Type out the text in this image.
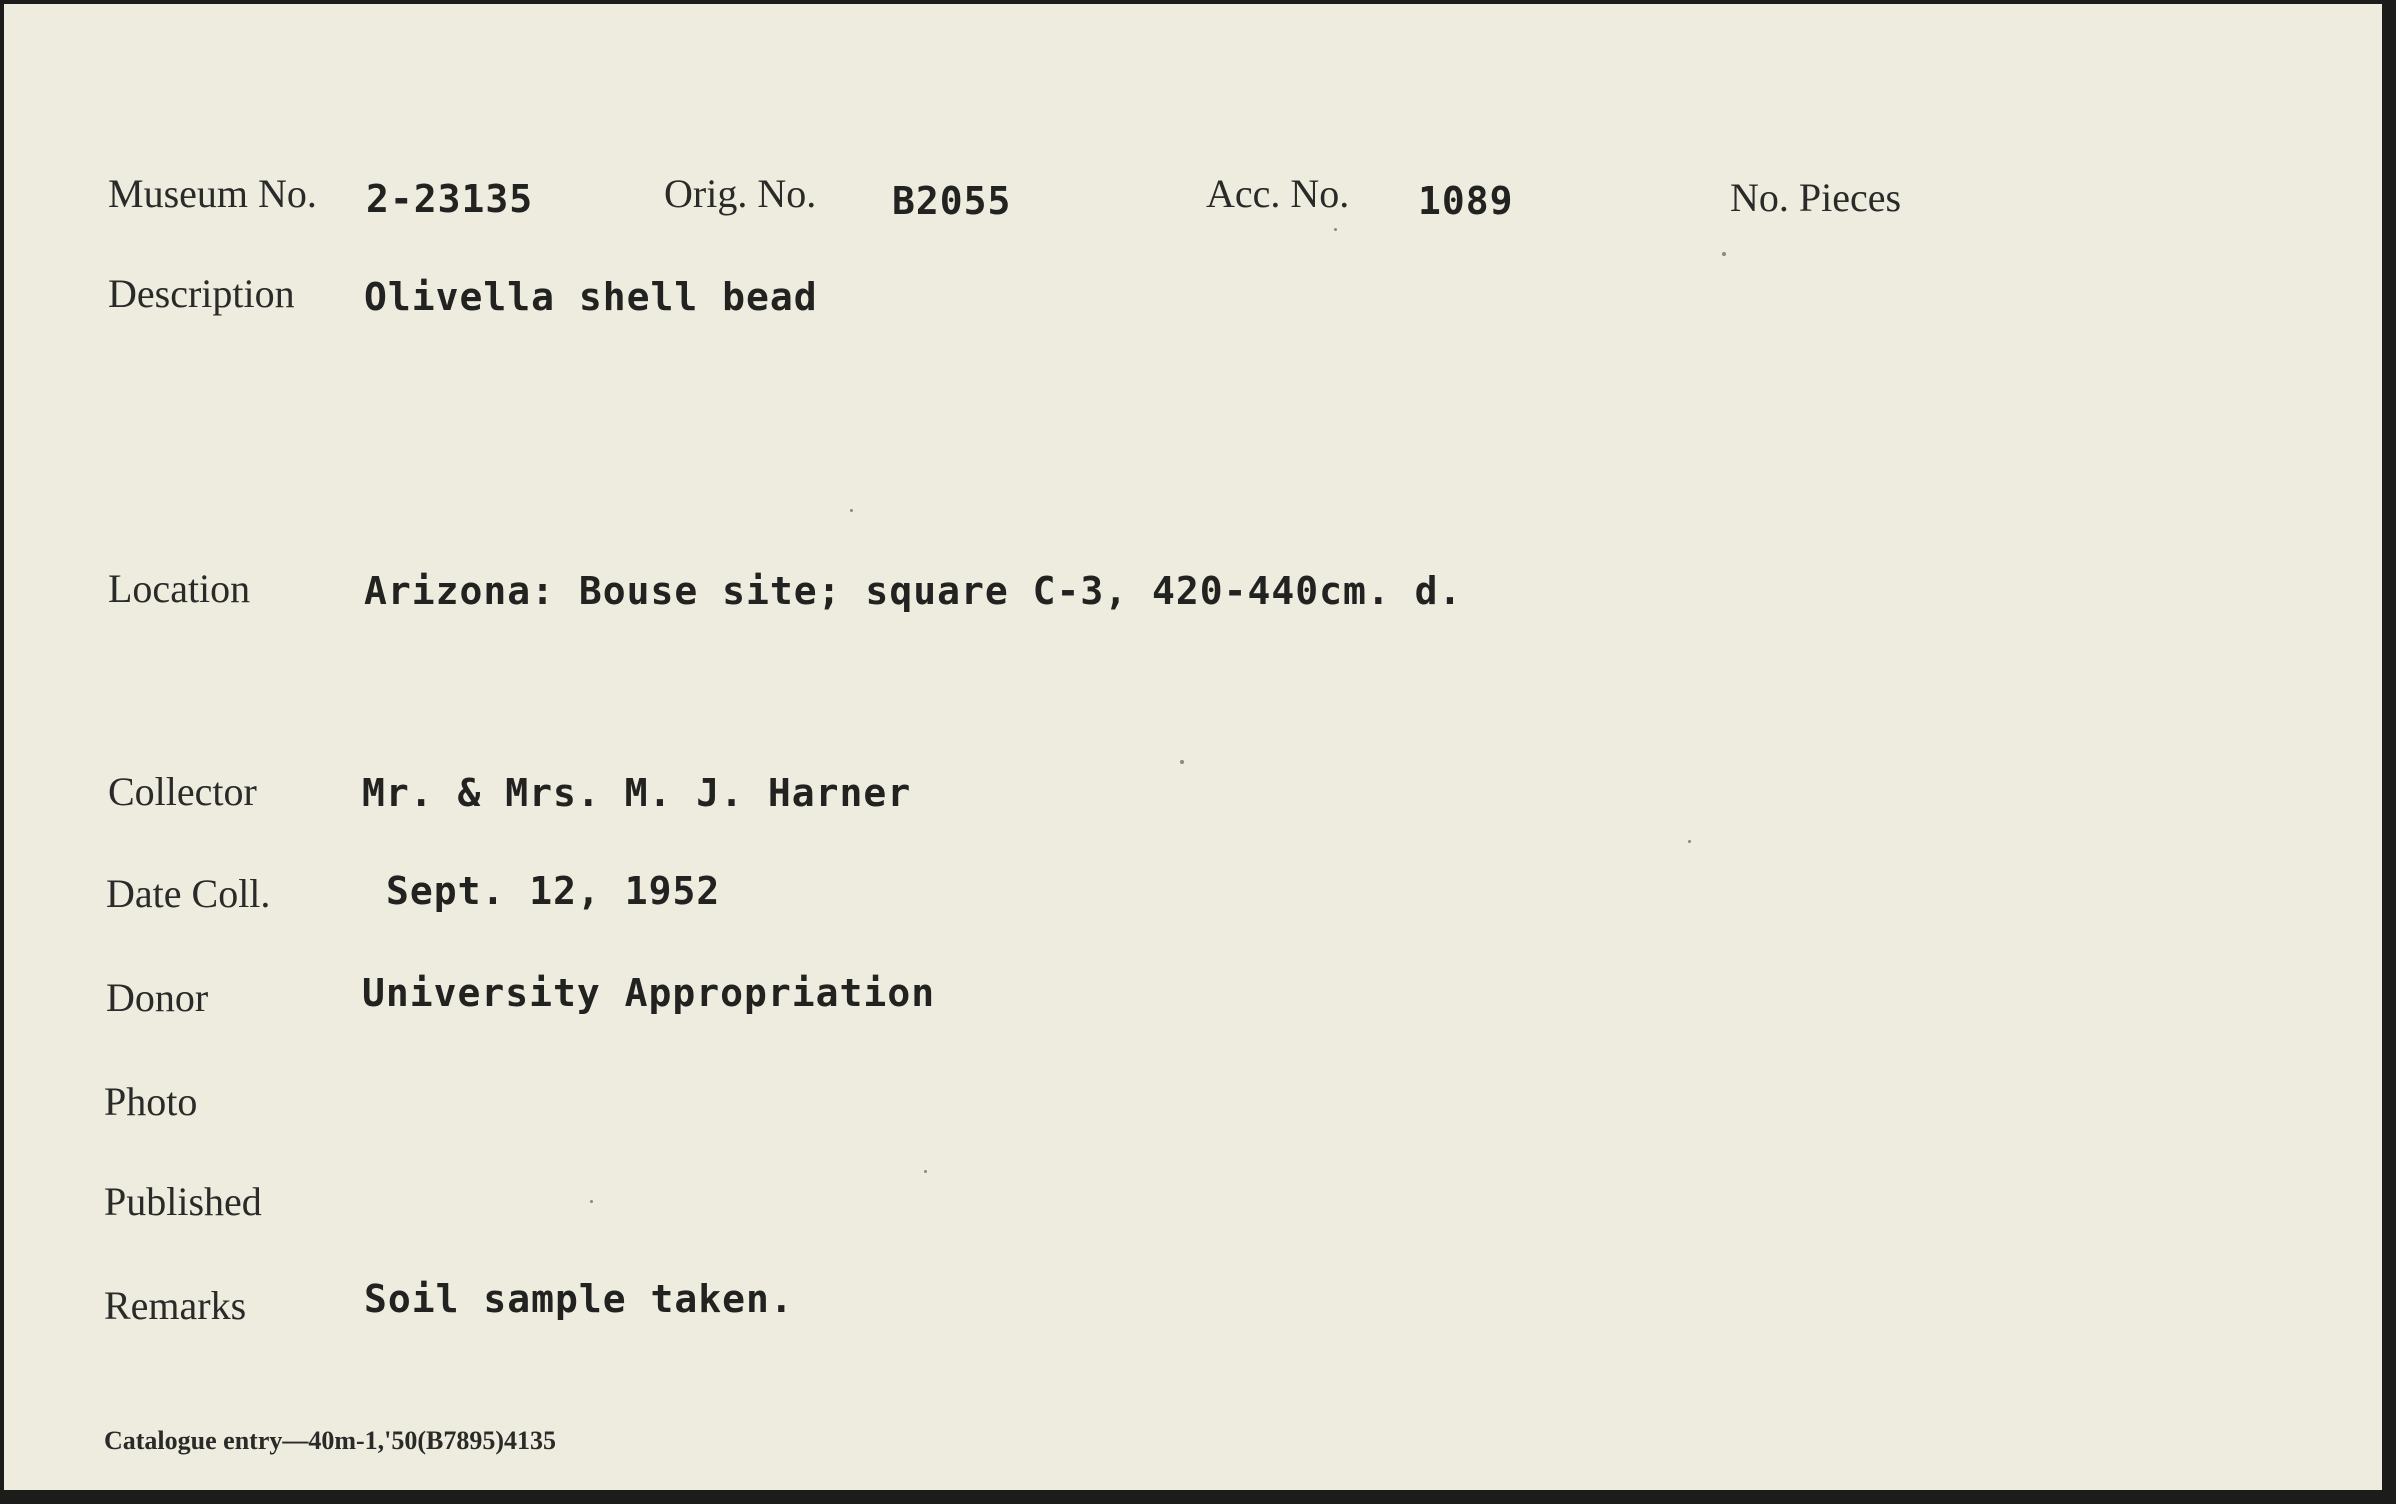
Museum No. 2-23135	Orig. No. B2055	Acc. No. 1089	No. Pieces
Description Olivella shell bead
Location	Arizona: Bouse site; square C-3, 420-440cm. d.
Collector	Mr. & Mrs. M. J. Harner
Date Coll.	Sept. 12, 1952
Donor	University Appropriation
Photo
Published
Remarks	Soil sample taken.
Catalogue entry—40m-1,'50(B7895)4135
